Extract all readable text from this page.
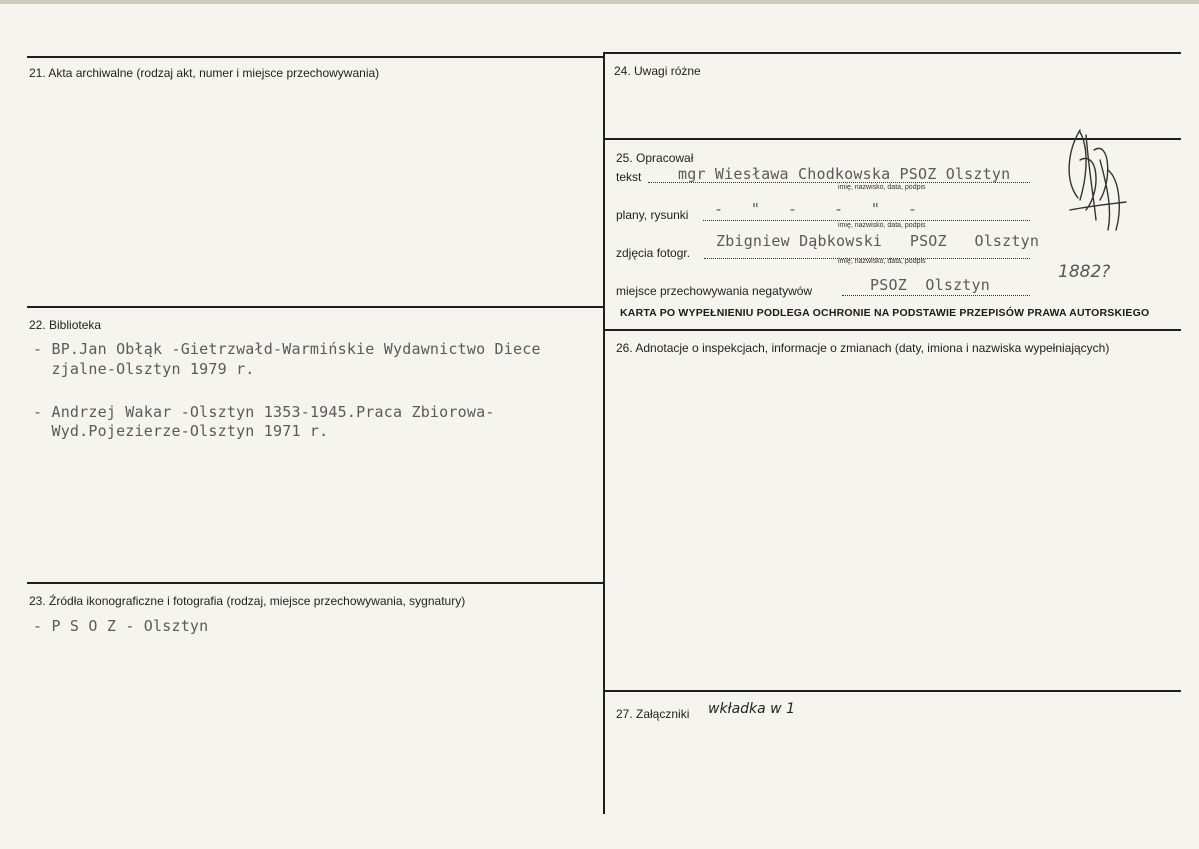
21. Akta archiwalne (rodzaj akt, numer i miejsce przechowywania)
22. Biblioteka
- BP.Jan Obłąk -Gietrzwałd-Warmińskie Wydawnictwo Diece
zjalne-Olsztyn 1979 r.
- Andrzej Wakar -Olsztyn 1353-1945.Praca Zbiorowa-
Wyd.Pojezierze-Olsztyn 1971 r.
23. Źródła ikonograficzne i fotografia (rodzaj, miejsce przechowywania, sygnatury)
- P S O Z - Olsztyn
24. Uwagi różne
25. Opracował
tekst mgr Wiesława Chodkowska PSOZ Olsztyn
imię, nazwisko, data, podpis
plany, rysunki -   "   -    -   "   -
imię, nazwisko, data, podpis
zdjęcia fotogr.
Zbigniew Dąbkowski   PSOZ   Olsztyn
imię, nazwisko, data, podpis
miejsce przechowywania negatywów	PSOZ  Olsztyn
1882?
KARTA PO WYPEŁNIENIU PODLEGA OCHRONIE NA PODSTAWIE PRZEPISÓW PRAWA AUTORSKIEGO
26. Adnotacje o inspekcjach, informacje o zmianach (daty, imiona i nazwiska wypełniających)
27. Załączniki wkładka w 1
